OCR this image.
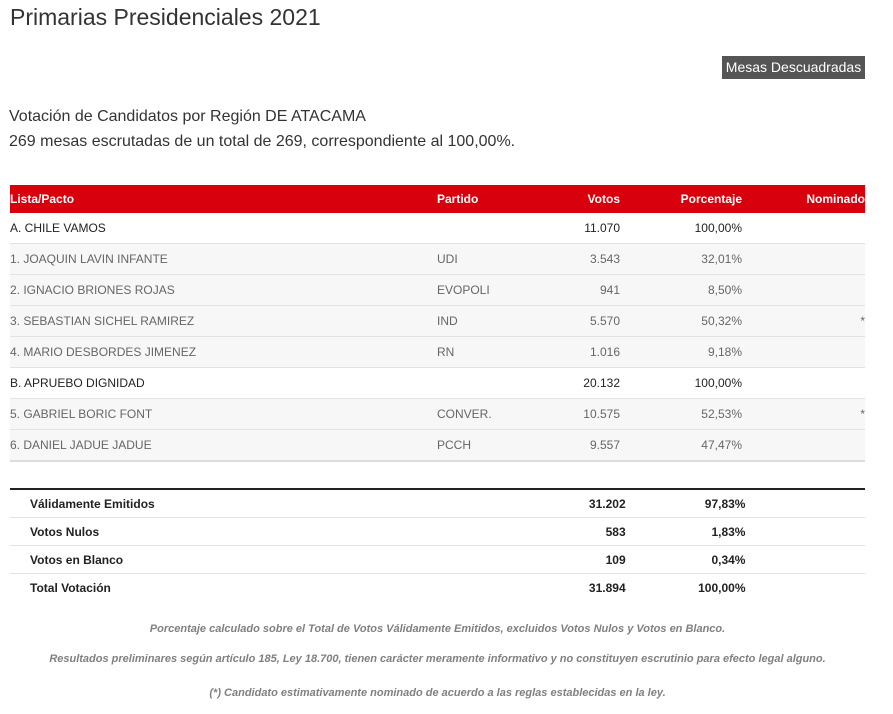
Primarias Presidenciales 2021
Mesas Descuadradas
Votación de Candidatos por Región DE ATACAMA
269 mesas escrutadas de un total de 269, correspondiente al 100,00%.
Lista/Pacto	Partido	Votos	Porcentaje	Nominado
A. CHILE VAMOS		11.070	100,00%	
1. JOAQUIN LAVIN INFANTE	UDI	3.543	32,01%	
2. IGNACIO BRIONES ROJAS	EVOPOLI	941	8,50%	
3. SEBASTIAN SICHEL RAMIREZ	IND	5.570	50,32%	*
4. MARIO DESBORDES JIMENEZ	RN	1.016	9,18%	
B. APRUEBO DIGNIDAD		20.132	100,00%	
5. GABRIEL BORIC FONT	CONVER.	10.575	52,53%	*
6. DANIEL JADUE JADUE	PCCH	9.557	47,47%	
Válidamente Emitidos		31.202	97,83%	
Votos Nulos		583	1,83%	
Votos en Blanco		109	0,34%	
Total Votación		31.894	100,00%	
Porcentaje calculado sobre el Total de Votos Válidamente Emitidos, excluidos Votos Nulos y Votos en Blanco.
Resultados preliminares según artículo 185, Ley 18.700, tienen carácter meramente informativo y no constituyen escrutinio para efecto legal alguno.
(*) Candidato estimativamente nominado de acuerdo a las reglas establecidas en la ley.
